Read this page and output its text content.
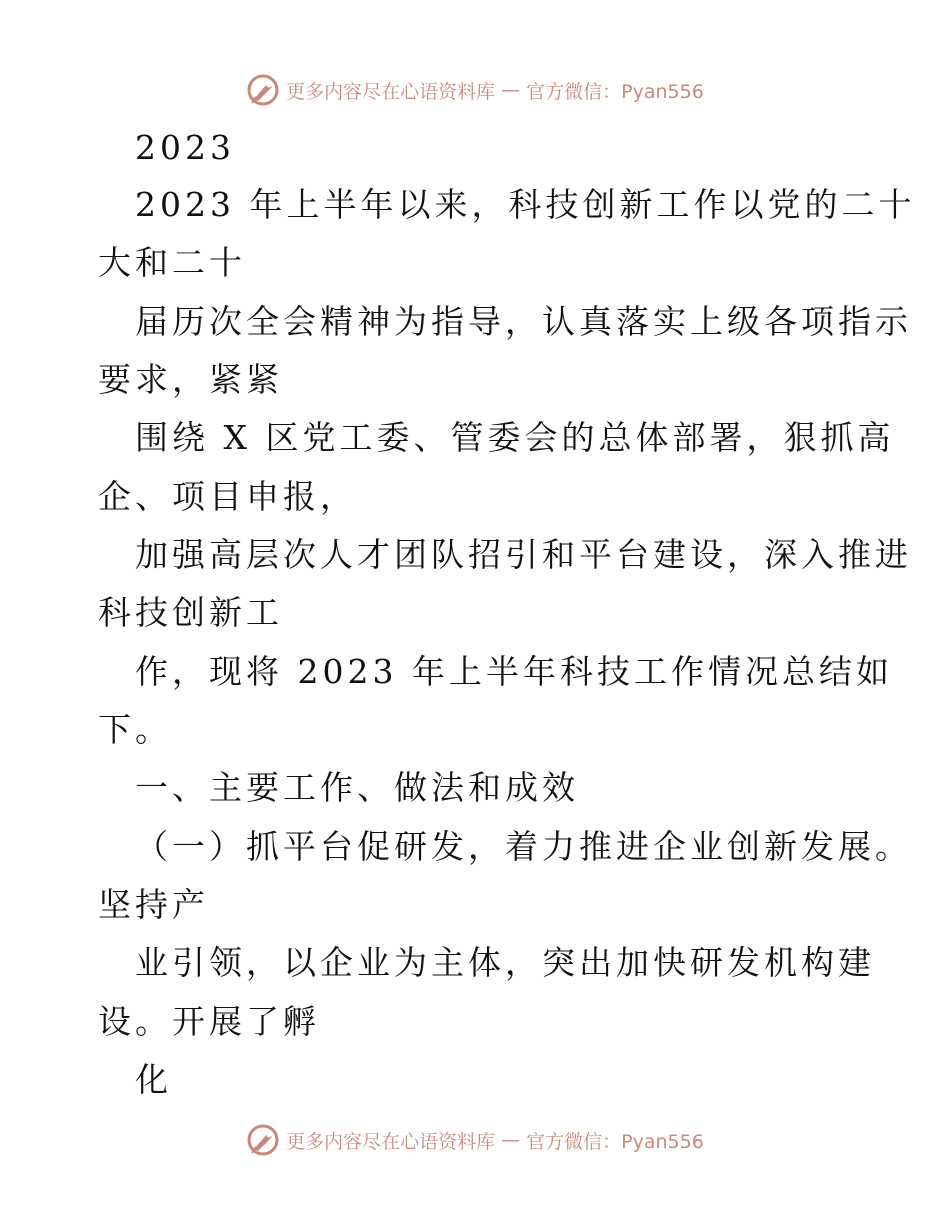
更多内容尽在心语资料库 — 官方微信：Pyan556
2023
2023 年上半年以来，科技创新工作以党的二十
大和二十
届历次全会精神为指导，认真落实上级各项指示
要求，紧紧
围绕 X 区党工委、管委会的总体部署，狠抓高
企、项目申报，
加强高层次人才团队招引和平台建设，深入推进
科技创新工
作，现将 2023 年上半年科技工作情况总结如
下。
一、主要工作、做法和成效
（一）抓平台促研发，着力推进企业创新发展。
坚持产
业引领，以企业为主体，突出加快研发机构建
设。开展了孵
化
更多内容尽在心语资料库 — 官方微信：Pyan556
